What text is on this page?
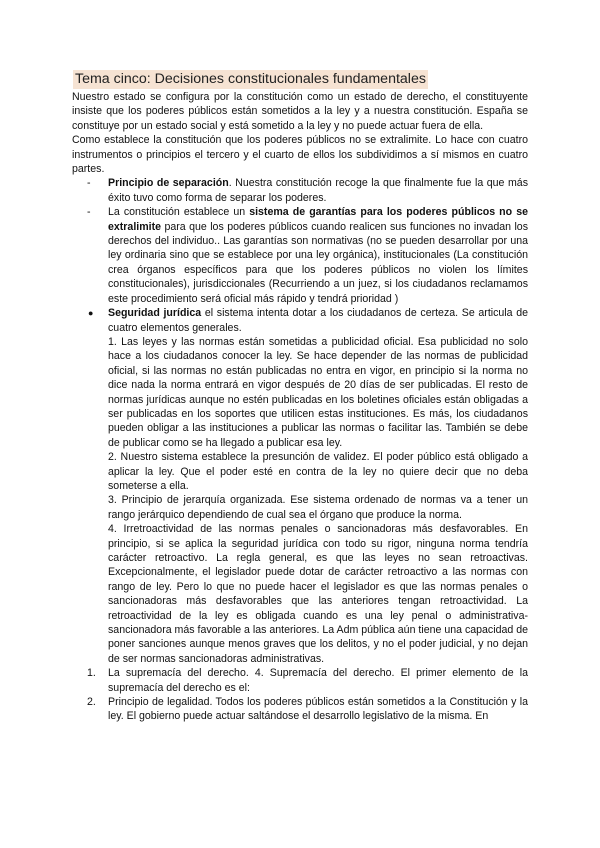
Tema cinco: Decisiones constitucionales fundamentales

Nuestro estado se configura por la constitución como un estado de derecho, el constituyente insiste que los poderes públicos están sometidos a la ley y a nuestra constitución. España se constituye por un estado social y está sometido a la ley y no puede actuar fuera de ella.

Como establece la constitución que los poderes públicos no se extralimite. Lo hace con cuatro instrumentos o principios el tercero y el cuarto de ellos los subdividimos a sí mismos en cuatro partes.

- Principio de separación. Nuestra constitución recoge la que finalmente fue la que más éxito tuvo como forma de separar los poderes.
- La constitución establece un sistema de garantías para los poderes públicos no se extralimite para que los poderes públicos cuando realicen sus funciones no invadan los derechos del individuo.. Las garantías son normativas (no se pueden desarrollar por una ley ordinaria sino que se establece por una ley orgánica), institucionales (La constitución crea órganos específicos para que los poderes públicos no violen los límites constitucionales), jurisdiccionales (Recurriendo a un juez, si los ciudadanos reclamamos este procedimiento será oficial más rápido y tendrá prioridad )
● Seguridad jurídica el sistema intenta dotar a los ciudadanos de certeza. Se articula de cuatro elementos generales.

1. Las leyes y las normas están sometidas a publicidad oficial. Esa publicidad no solo hace a los ciudadanos conocer la ley. Se hace depender de las normas de publicidad oficial, si las normas no están publicadas no entra en vigor, en principio si la norma no dice nada la norma entrará en vigor después de 20 días de ser publicadas. El resto de normas jurídicas aunque no estén publicadas en los boletines oficiales están obligadas a ser publicadas en los soportes que utilicen estas instituciones. Es más, los ciudadanos pueden obligar a las instituciones a publicar las normas o facilitar las. También se debe de publicar como se ha llegado a publicar esa ley.

2. Nuestro sistema establece la presunción de validez. El poder público está obligado a aplicar la ley. Que el poder esté en contra de la ley no quiere decir que no deba someterse a ella.

3. Principio de jerarquía organizada. Ese sistema ordenado de normas va a tener un rango jerárquico dependiendo de cual sea el órgano que produce la norma.

4. Irretroactividad de las normas penales o sancionadoras más desfavorables. En principio, si se aplica la seguridad jurídica con todo su rigor, ninguna norma tendría carácter retroactivo. La regla general, es que las leyes no sean retroactivas. Excepcionalmente, el legislador puede dotar de carácter retroactivo a las normas con rango de ley. Pero lo que no puede hacer el legislador es que las normas penales o sancionadoras más desfavorables que las anteriores tengan retroactividad. La retroactividad de la ley es obligada cuando es una ley penal o administrativa-sancionadora más favorable a las anteriores. La Adm pública aún tiene una capacidad de poner sanciones aunque menos graves que los delitos, y no el poder judicial, y no dejan de ser normas sancionadoras administrativas.

1. La supremacía del derecho. 4. Supremacía del derecho. El primer elemento de la supremacía del derecho es el:
2. Principio de legalidad. Todos los poderes públicos están sometidos a la Constitución y la ley. El gobierno puede actuar saltándose el desarrollo legislativo de la misma. En
